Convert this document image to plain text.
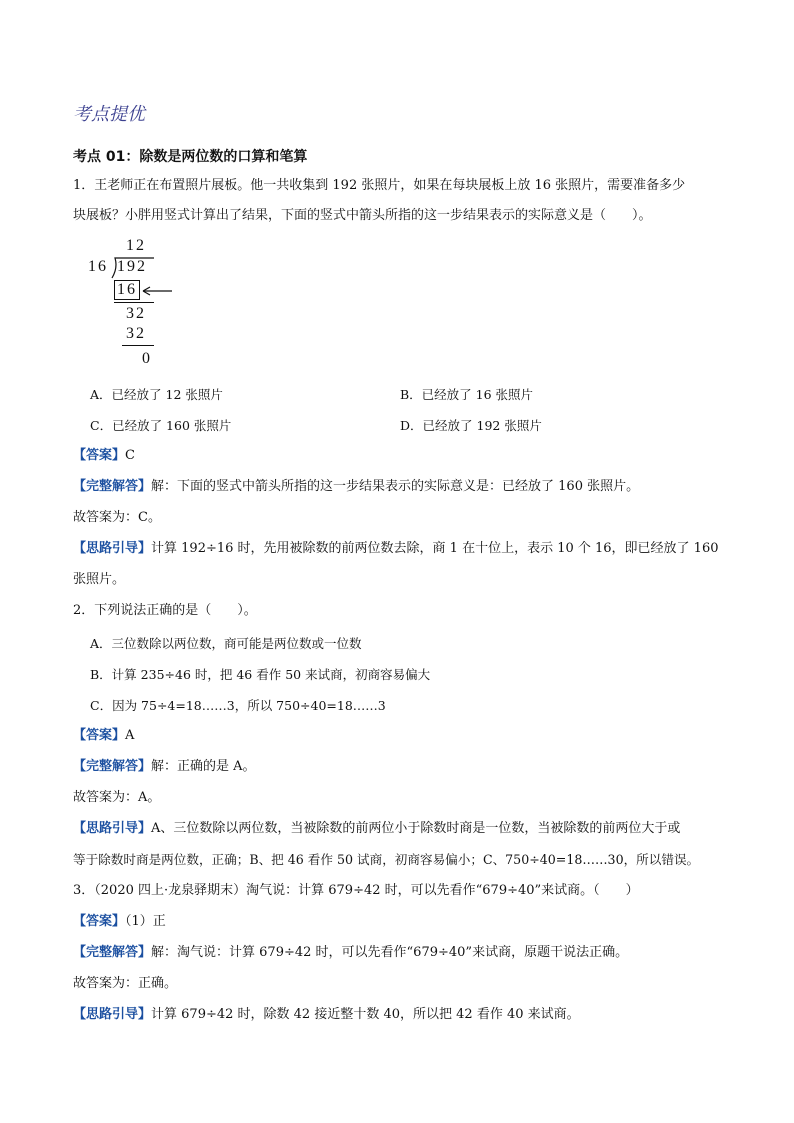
考点提优
考点 01：除数是两位数的口算和笔算
1．王老师正在布置照片展板。他一共收集到 192 张照片，如果在每块展板上放 16 张照片，需要准备多少
块展板？小胖用竖式计算出了结果，下面的竖式中箭头所指的这一步结果表示的实际意义是（　　）。
12
16 192
16
32
32
0
A．已经放了 12 张照片	B．已经放了 16 张照片
C．已经放了 160 张照片	D．已经放了 192 张照片
【答案】C
【完整解答】解：下面的竖式中箭头所指的这一步结果表示的实际意义是：已经放了 160 张照片。
故答案为：C。
【思路引导】计算 192÷16 时，先用被除数的前两位数去除，商 1 在十位上，表示 10 个 16，即已经放了 160
张照片。
2．下列说法正确的是（　　）。
A．三位数除以两位数，商可能是两位数或一位数
B．计算 235÷46 时，把 46 看作 50 来试商，初商容易偏大
C．因为 75÷4=18……3，所以 750÷40=18……3
【答案】A
【完整解答】解：正确的是 A。
故答案为：A。
【思路引导】A、三位数除以两位数，当被除数的前两位小于除数时商是一位数，当被除数的前两位大于或
等于除数时商是两位数，正确；B、把 46 看作 50 试商，初商容易偏小；C、750÷40=18……30，所以错误。
3．（2020 四上·龙泉驿期末）淘气说：计算 679÷42 时，可以先看作“679÷40”来试商。（　　）
【答案】（1）正
【完整解答】解：淘气说：计算 679÷42 时，可以先看作“679÷40”来试商，原题干说法正确。
故答案为：正确。
【思路引导】计算 679÷42 时，除数 42 接近整十数 40，所以把 42 看作 40 来试商。
